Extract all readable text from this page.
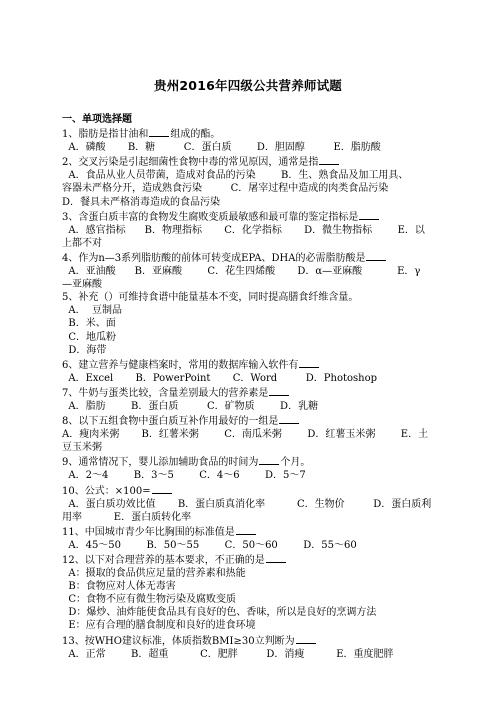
贵州2016年四级公共营养师试题
一、单项选择题
1、脂肪是指甘油和 组成的酯。
A．磷酸       B．糖         C．蛋白质        D．胆固醇         E．脂肪酸
2、交叉污染是引起细菌性食物中毒的常见原因，通常是指
A．食品从业人员带菌，造成对食品的污染        B．生、熟食品及加工用具、
容器未严格分开，造成熟食污染         C．屠宰过程中造成的肉类食品污染
D．餐具未严格消毒造成的食品污染
3、含蛋白质丰富的食物发生腐败变质最敏感和最可靠的鉴定指标是
A．感官指标      B．物理指标       C．化学指标       D．微生物指标        E．以
上都不对
4、作为n—3系列脂肪酸的前体可转变成EPA、DHA的必需脂肪酸是
A．亚油酸      B．亚麻酸        C．花生四烯酸       D．α—亚麻酸           E．γ
—亚麻酸
5、补充（）可维持食谱中能量基本不变，同时提高膳食纤维含量。
A．  豆制品
B．米、面
C．地瓜粉
D．海带
6、建立营养与健康档案时，常用的数据库输入软件有
A．Excel       B．PowerPoint       C．Word         D．Photoshop
7、牛奶与蛋类比较，含量差别最大的营养素是
A．脂肪        B．蛋白质         C．矿物质        D．乳糖
8、以下五组食物中蛋白质互补作用最好的一组是
A．瘦肉米粥       B．红薯米粥        C．南瓜米粥        D．红薯玉米粥        E．土
豆玉米粥
9、通常情况下，婴儿添加辅助食品的时间为 个月。
A．2～4        B．3～5        C．4～6        D．5～7
10、公式：×100=
A．蛋白质功效比值       B．蛋白质真消化率          C．生物价         D．蛋白质利
用率          E．蛋白质转化率
11、中国城市青少年比胸围的标准值是
A．45～50        B．50～55        C．50～60        D．55～60
12、以下对合理营养的基本要求，不正确的是
A：摄取的食品供应足量的营养素和热能
B：食物应对人体无毒害
C：食物不应有微生物污染及腐败变质
D：爆炒、油炸能使食品具有良好的色、香味，所以是良好的烹调方法
E：应有合理的膳食制度和良好的进食环境
13、按WHO建议标准，体质指数BMI≥30立判断为
A．正常        B．超重          C．肥胖         D．消瘦          E．重度肥胖
